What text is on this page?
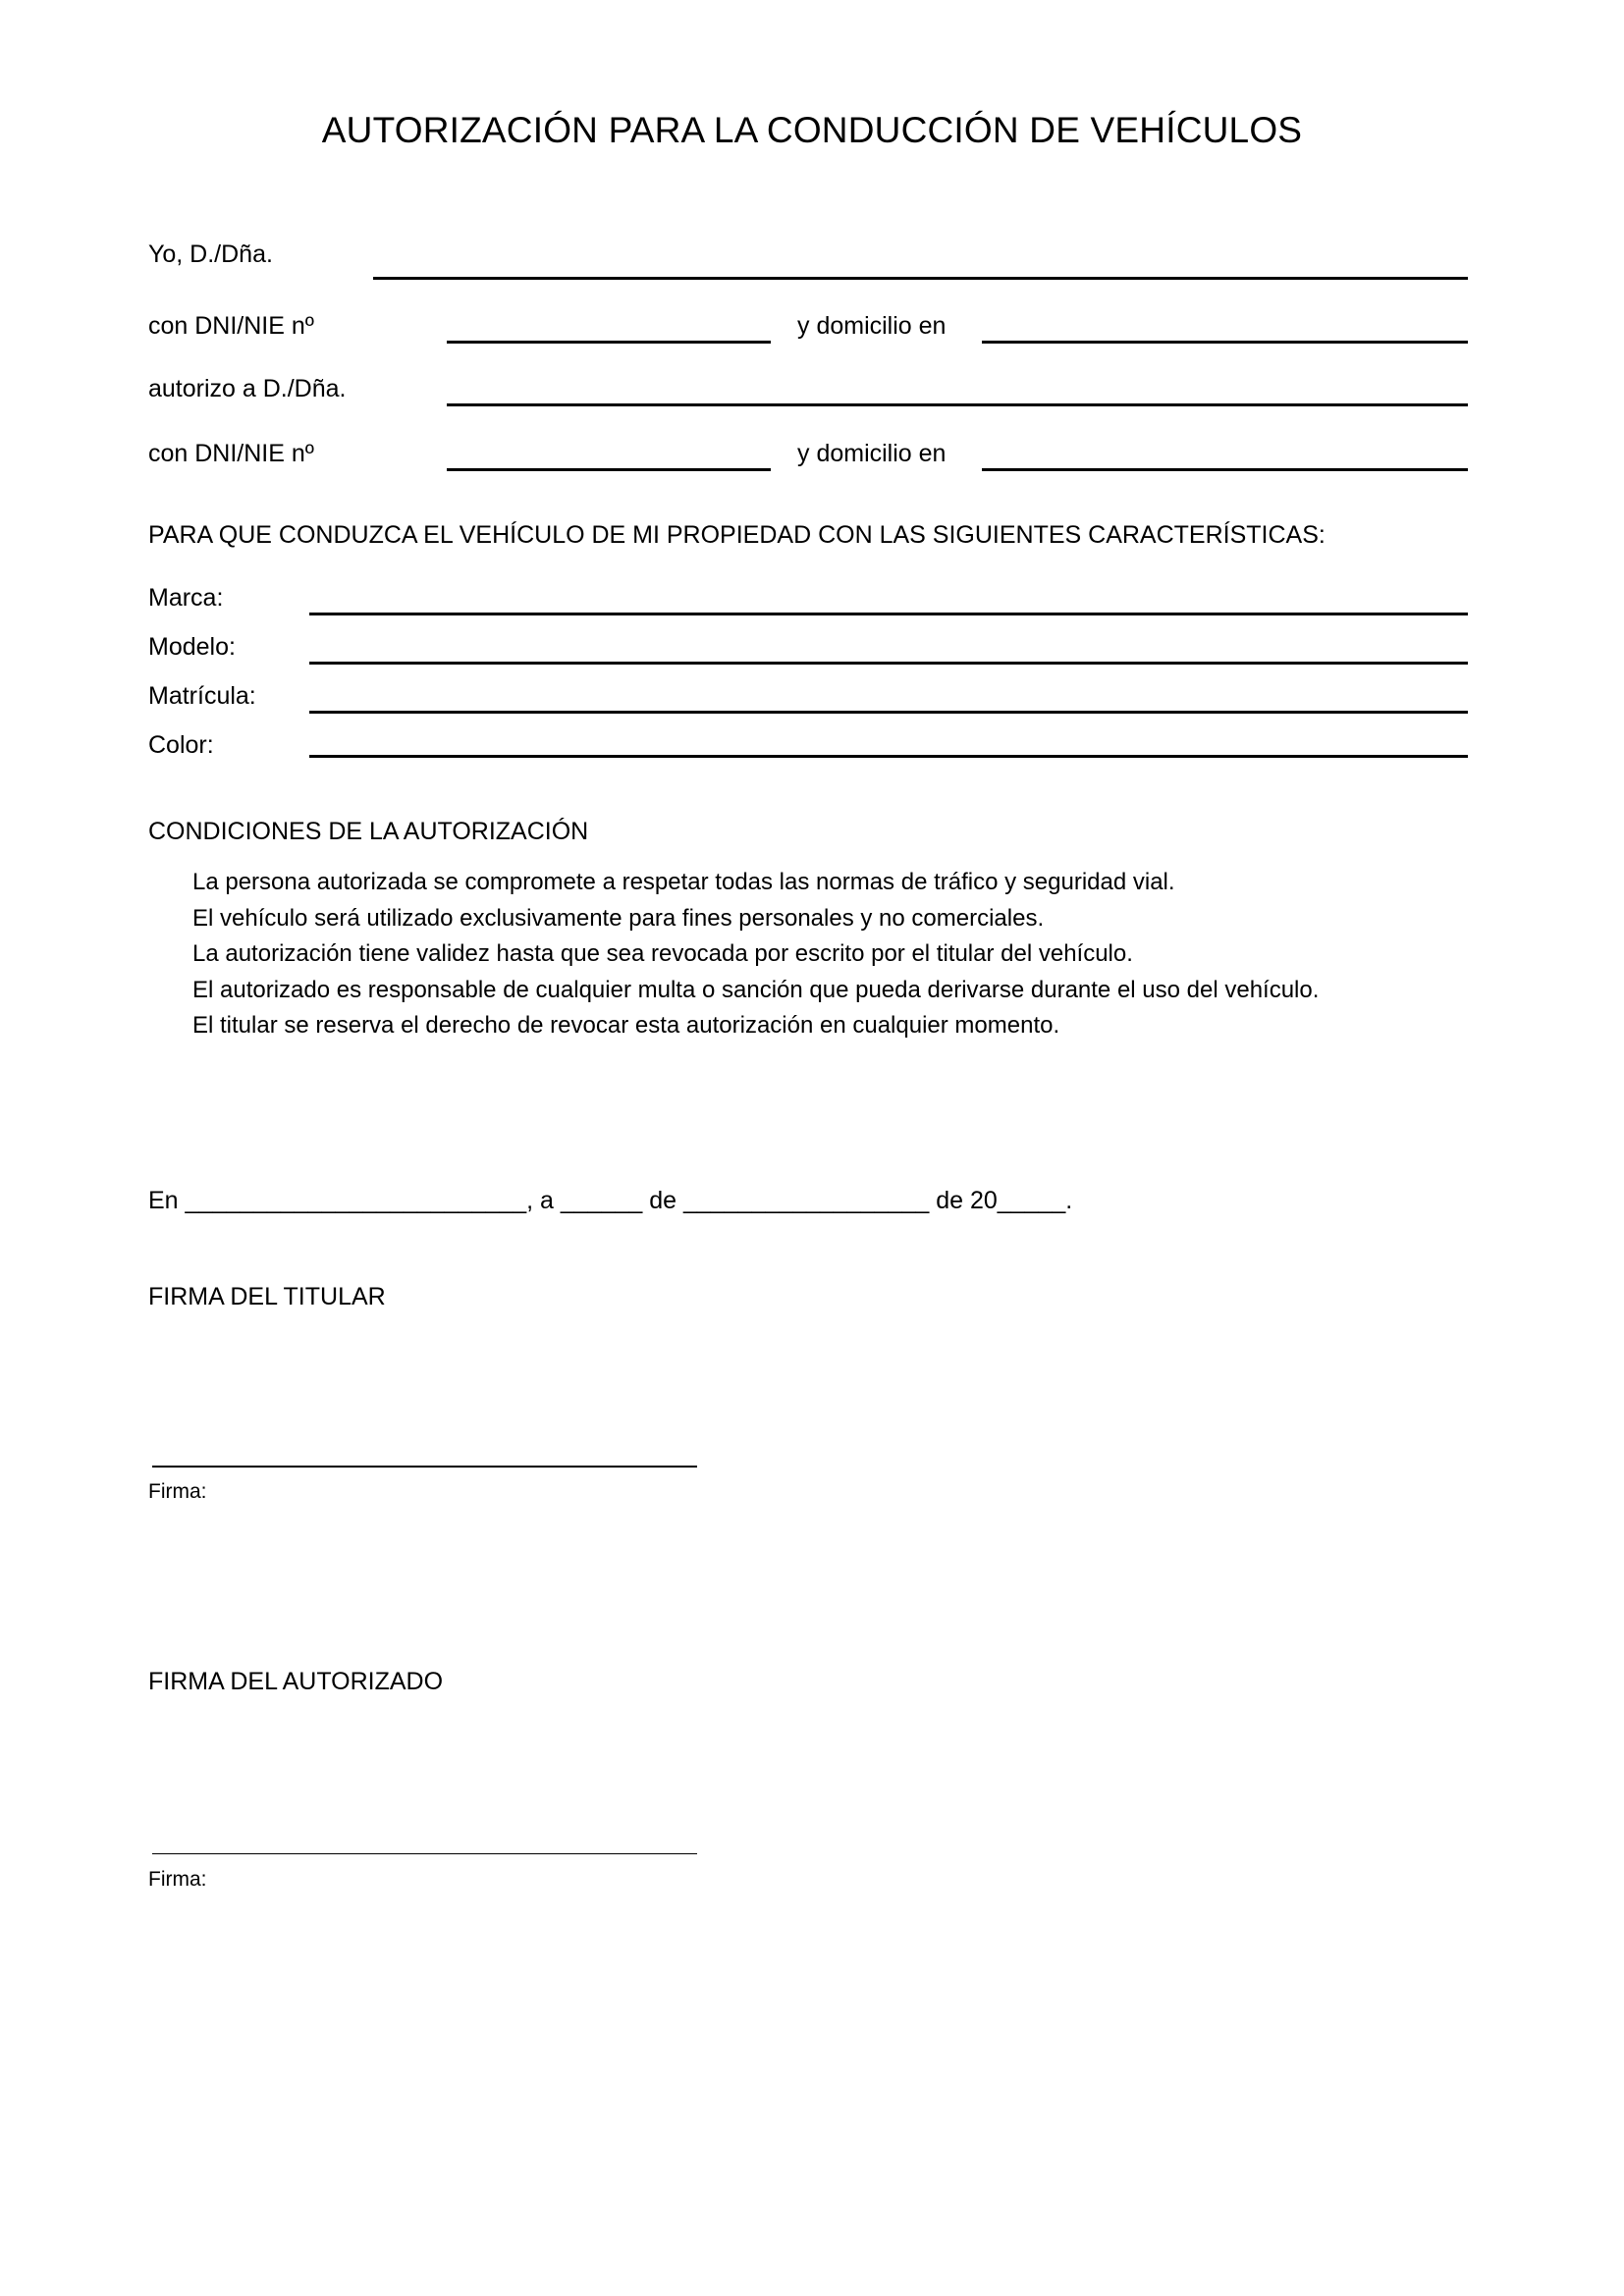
AUTORIZACIÓN PARA LA CONDUCCIÓN DE VEHÍCULOS
Yo, D./Dña.
con DNI/NIE nº	y domicilio en
autorizo a D./Dña.
con DNI/NIE nº	y domicilio en
PARA QUE CONDUZCA EL VEHÍCULO DE MI PROPIEDAD CON LAS SIGUIENTES CARACTERÍSTICAS:
Marca:
Modelo:
Matrícula:
Color:
CONDICIONES DE LA AUTORIZACIÓN

La persona autorizada se compromete a respetar todas las normas de tráfico y seguridad vial.

El vehículo será utilizado exclusivamente para fines personales y no comerciales.

La autorización tiene validez hasta que sea revocada por escrito por el titular del vehículo.

El autorizado es responsable de cualquier multa o sanción que pueda derivarse durante el uso del vehículo.

El titular se reserva el derecho de revocar esta autorización en cualquier momento.

En _________________________, a ______ de __________________ de 20_____.
FIRMA DEL TITULAR
Firma:
FIRMA DEL AUTORIZADO
Firma:
